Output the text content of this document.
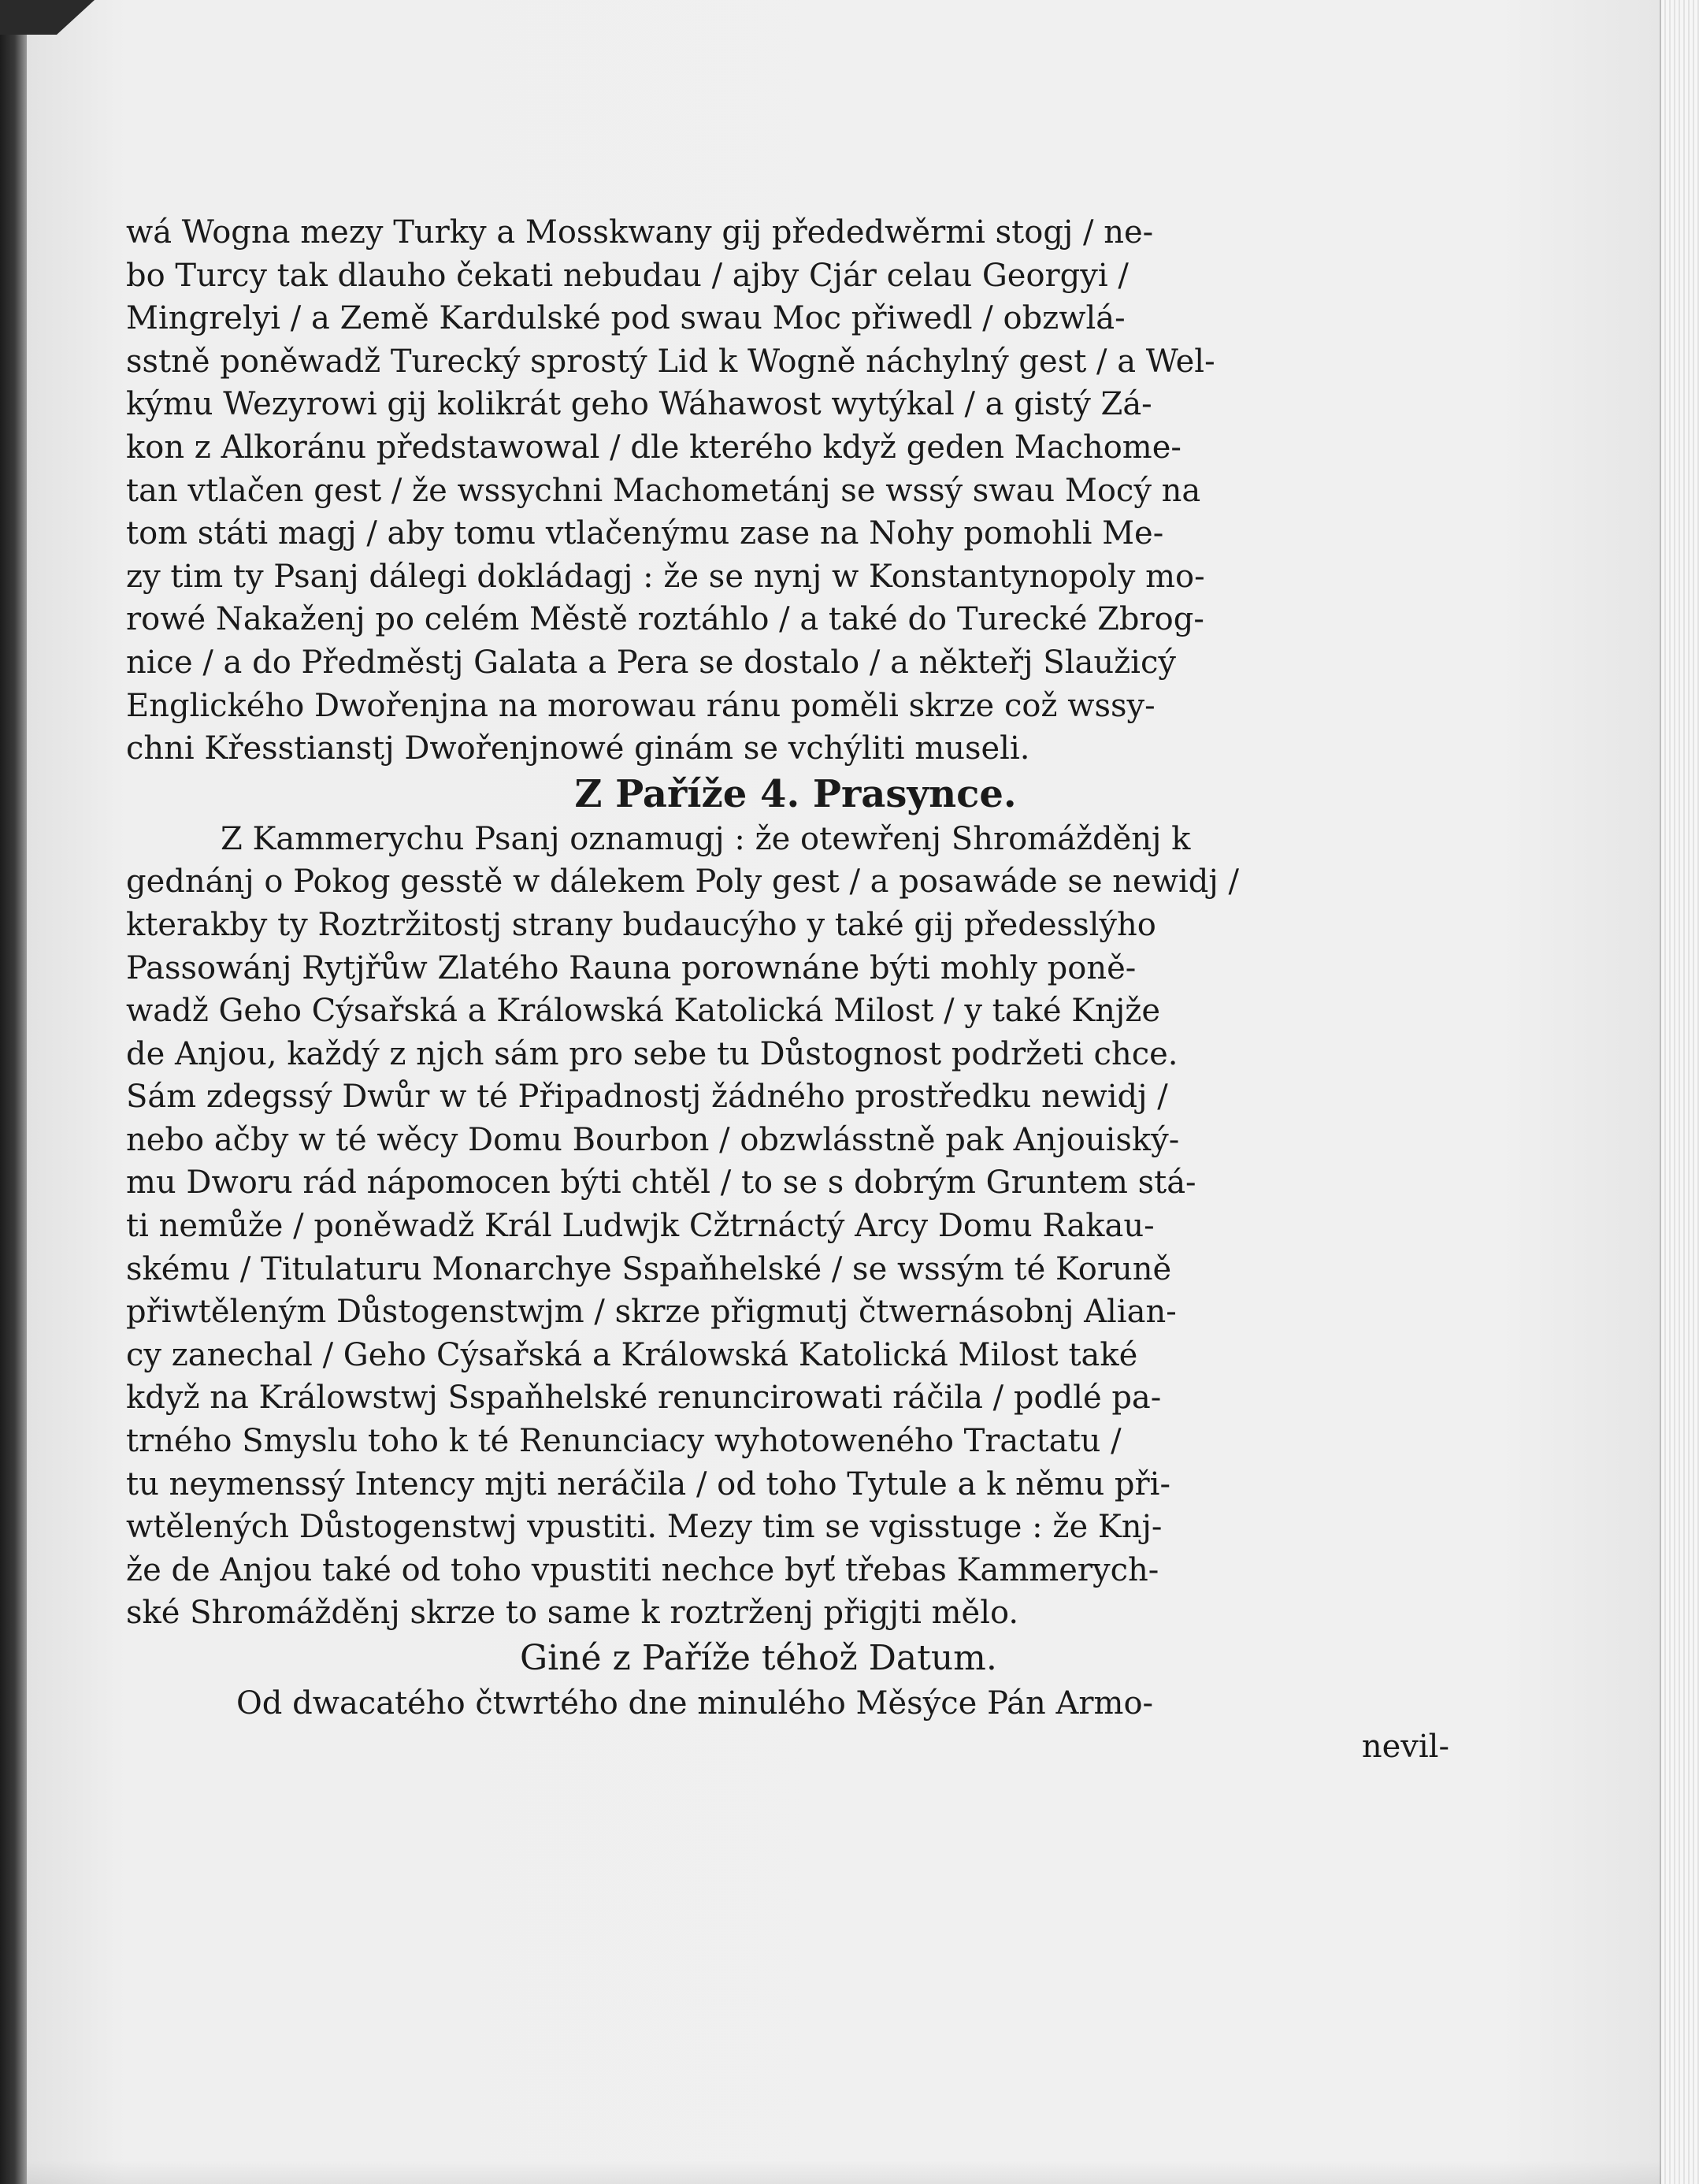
wá Wogna mezy Turky a Mosskwany gij přededwěrmi stogj / ne-
bo Turcy tak dlauho čekati nebudau / ajby Cjár celau Georgyi /
Mingrelyi / a Země Kardulské pod swau Moc přiwedl / obzwlá-
sstně poněwadž Turecký sprostý Lid k Wogně náchylný gest / a Wel-
kýmu Wezyrowi gij kolikrát geho Wáhawost wytýkal / a gistý Zá-
kon z Alkoránu předstawowal / dle kterého když geden Machome-
tan vtlačen gest / že wssychni Machometánj se wssý swau Mocý na
tom státi magj / aby tomu vtlačenýmu zase na Nohy pomohli Me-
zy tim ty Psanj dálegi dokládagj : že se nynj w Konstantynopoly mo-
rowé Nakaženj po celém Městě roztáhlo / a také do Turecké Zbrog-
nice / a do Předměstj Galata a Pera se dostalo / a někteřj Slaužicý
Englického Dwořenjna na morowau ránu poměli skrze což wssy-
chni Křesstianstj Dwořenjnowé ginám se vchýliti museli.
Z Paříže 4. Prasynce.
Z Kammerychu Psanj oznamugj : že otewřenj Shromážděnj k
gednánj o Pokog gesstě w dálekem Poly gest / a posawáde se newidj /
kterakby ty Roztržitostj strany budaucýho y také gij předesslýho
Passowánj Rytjřůw Zlatého Rauna porownáne býti mohly poně-
wadž Geho Cýsařská a Králowská Katolická Milost / y také Knjže
de Anjou, každý z njch sám pro sebe tu Důstognost podržeti chce.
Sám zdegssý Dwůr w té Připadnostj žádného prostředku newidj /
nebo ačby w té wěcy Domu Bourbon / obzwlásstně pak Anjouiský-
mu Dworu rád nápomocen býti chtěl / to se s dobrým Gruntem stá-
ti nemůže / poněwadž Král Ludwjk Cžtrnáctý Arcy Domu Rakau-
skému / Titulaturu Monarchye Sspaňhelské / se wssým té Koruně
přiwtěleným Důstogenstwjm / skrze přigmutj čtwernásobnj Alian-
cy zanechal / Geho Cýsařská a Králowská Katolická Milost také
když na Králowstwj Sspaňhelské renuncirowati ráčila / podlé pa-
trného Smyslu toho k té Renunciacy wyhotoweného Tractatu /
tu neymenssý Intency mjti neráčila / od toho Tytule a k němu při-
wtělených Důstogenstwj vpustiti. Mezy tim se vgisstuge : že Knj-
že de Anjou také od toho vpustiti nechce byť třebas Kammerych-
ské Shromážděnj skrze to same k roztrženj přigjti mělo.
Giné z Paříže téhož Datum.
Od dwacatého čtwrtého dne minulého Měsýce Pán Armo-
nevil-
